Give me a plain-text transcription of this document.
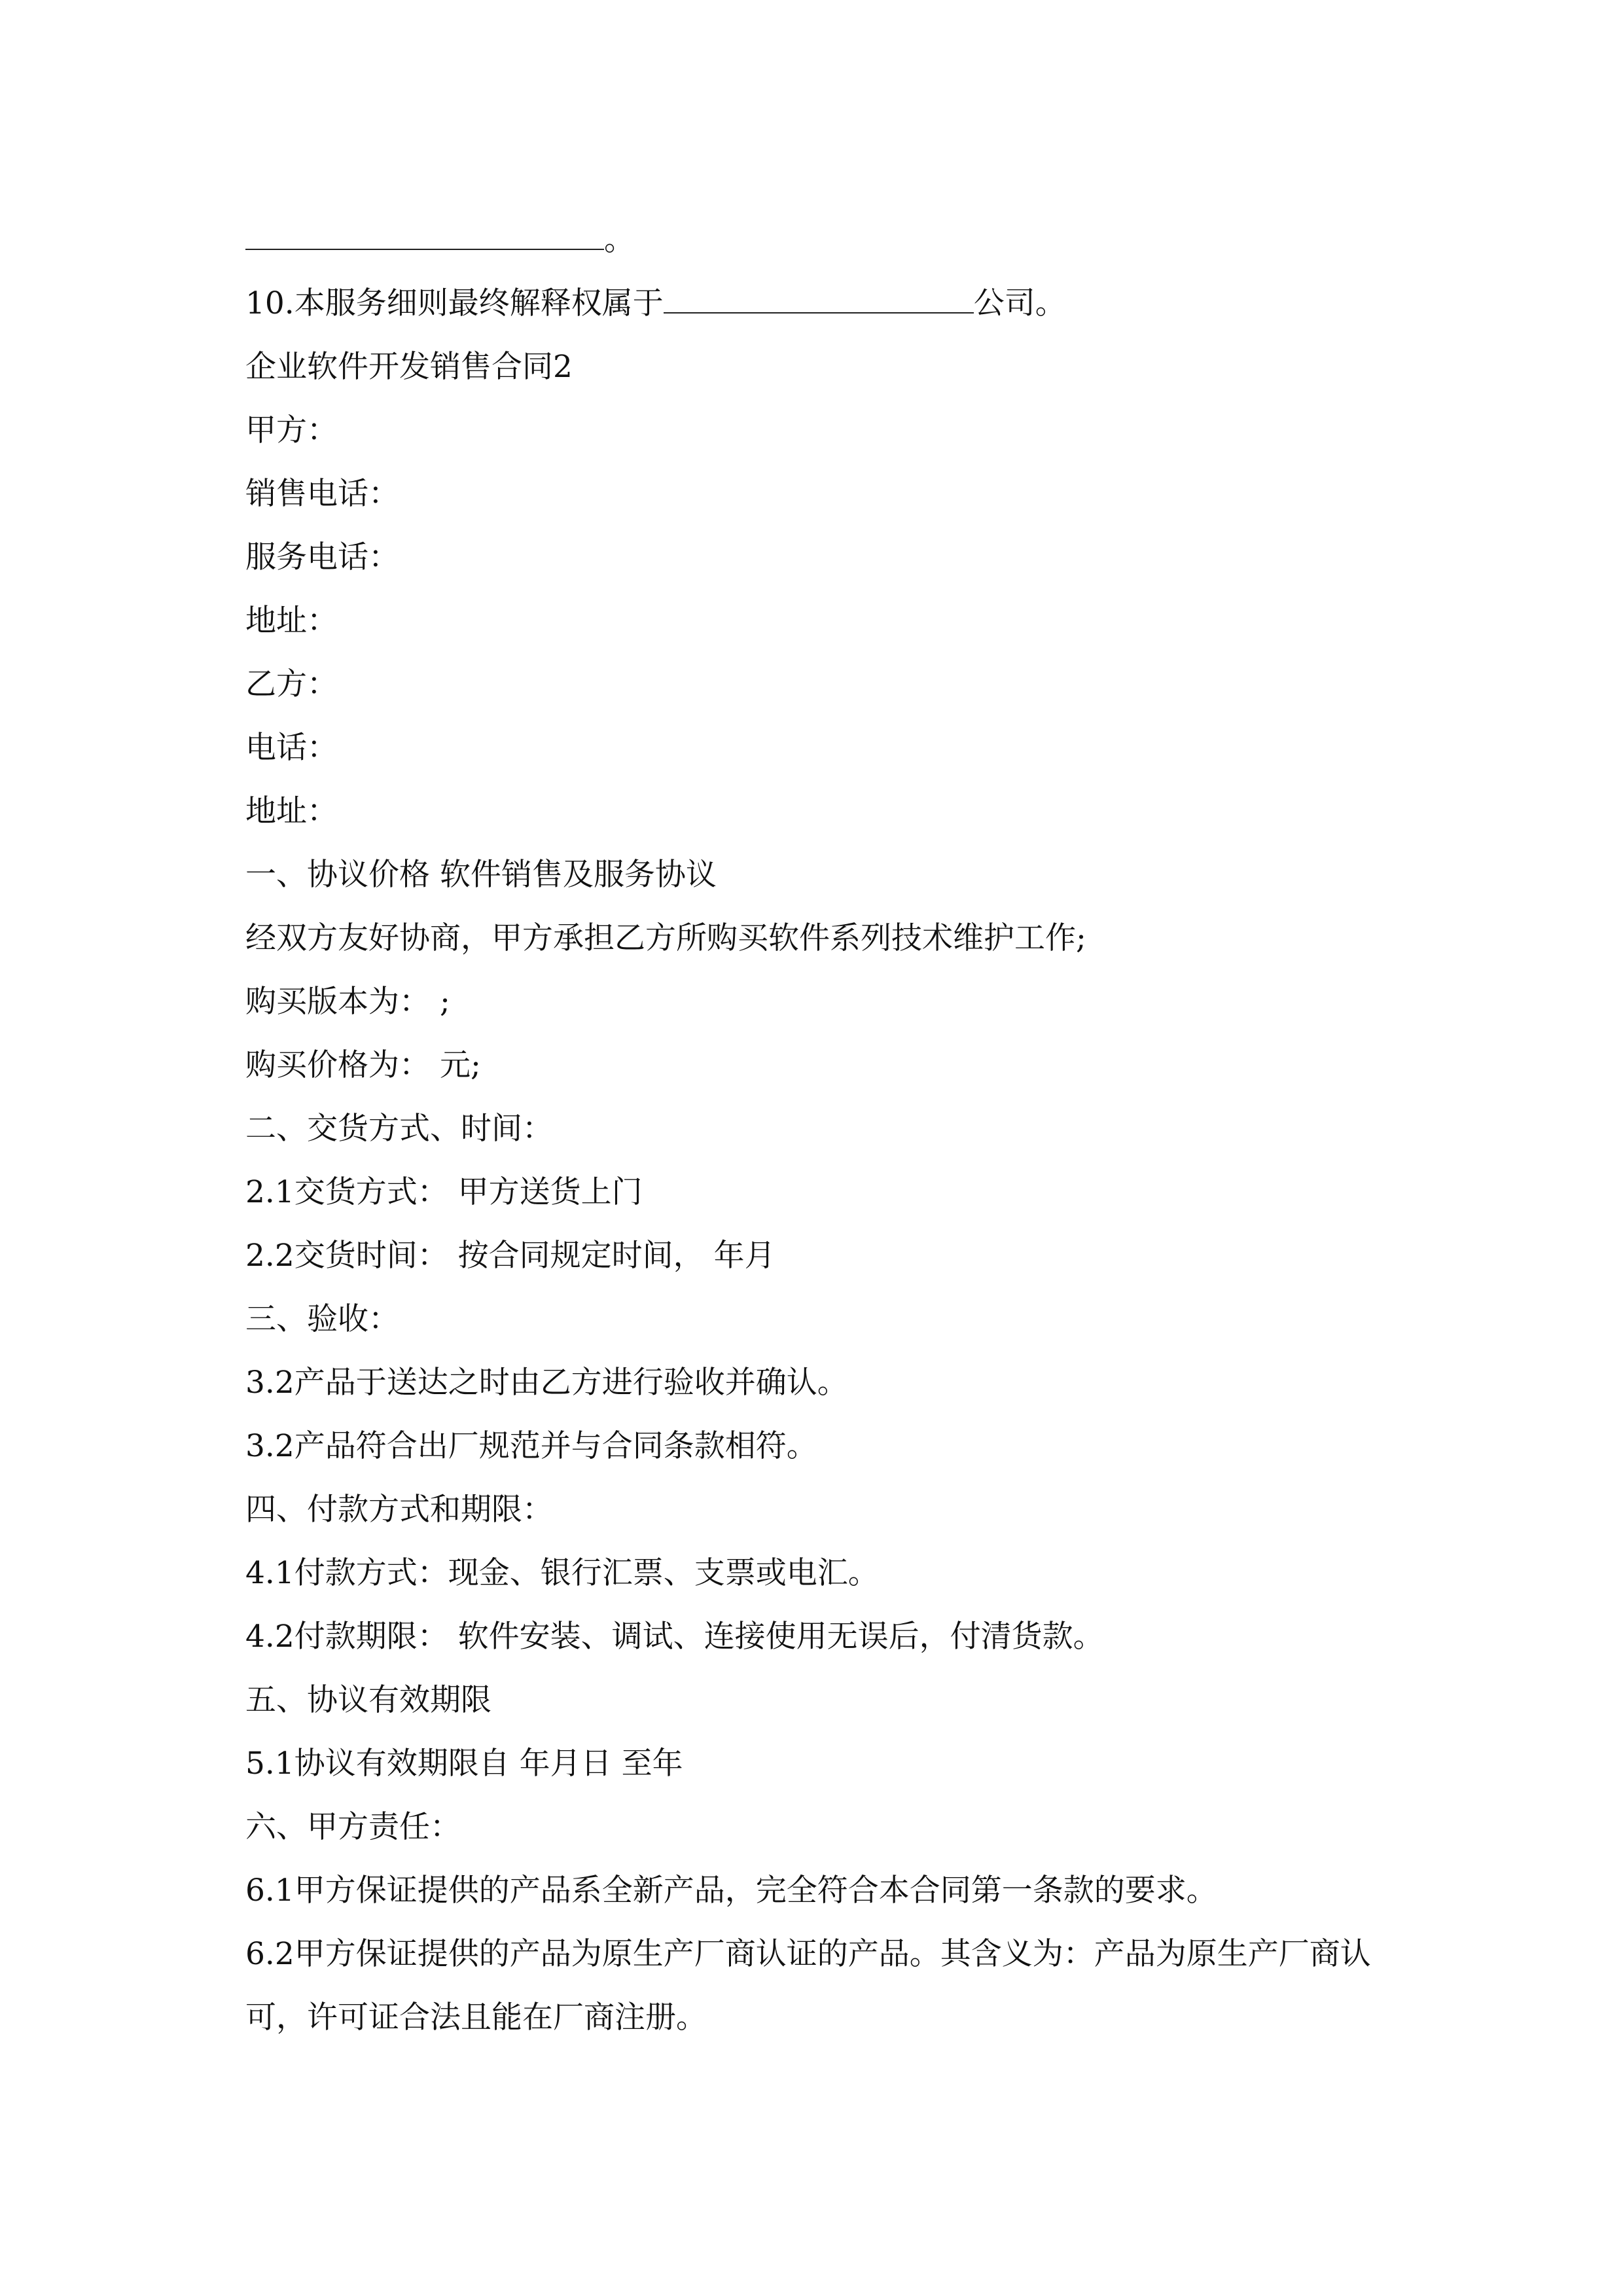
。
10.本服务细则最终解释权属于	公司。
企业软件开发销售合同2
甲方：
销售电话：
服务电话：
地址：
乙方：
电话：
地址：
一、协议价格 软件销售及服务协议
经双方友好协商，甲方承担乙方所购买软件系列技术维护工作;
购买版本为： ;
购买价格为： 元;
二、交货方式、时间：
2.1交货方式： 甲方送货上门
2.2交货时间： 按合同规定时间， 年月
三、验收：
3.2产品于送达之时由乙方进行验收并确认。
3.2产品符合出厂规范并与合同条款相符。
四、付款方式和期限：
4.1付款方式：现金、银行汇票、支票或电汇。
4.2付款期限： 软件安装、调试、连接使用无误后，付清货款。
五、协议有效期限
5.1协议有效期限自 年月日 至年
六、甲方责任：
6.1甲方保证提供的产品系全新产品，完全符合本合同第一条款的要求。
6.2甲方保证提供的产品为原生产厂商认证的产品。其含义为：产品为原生产厂商认可，许可证合法且能在厂商注册。
